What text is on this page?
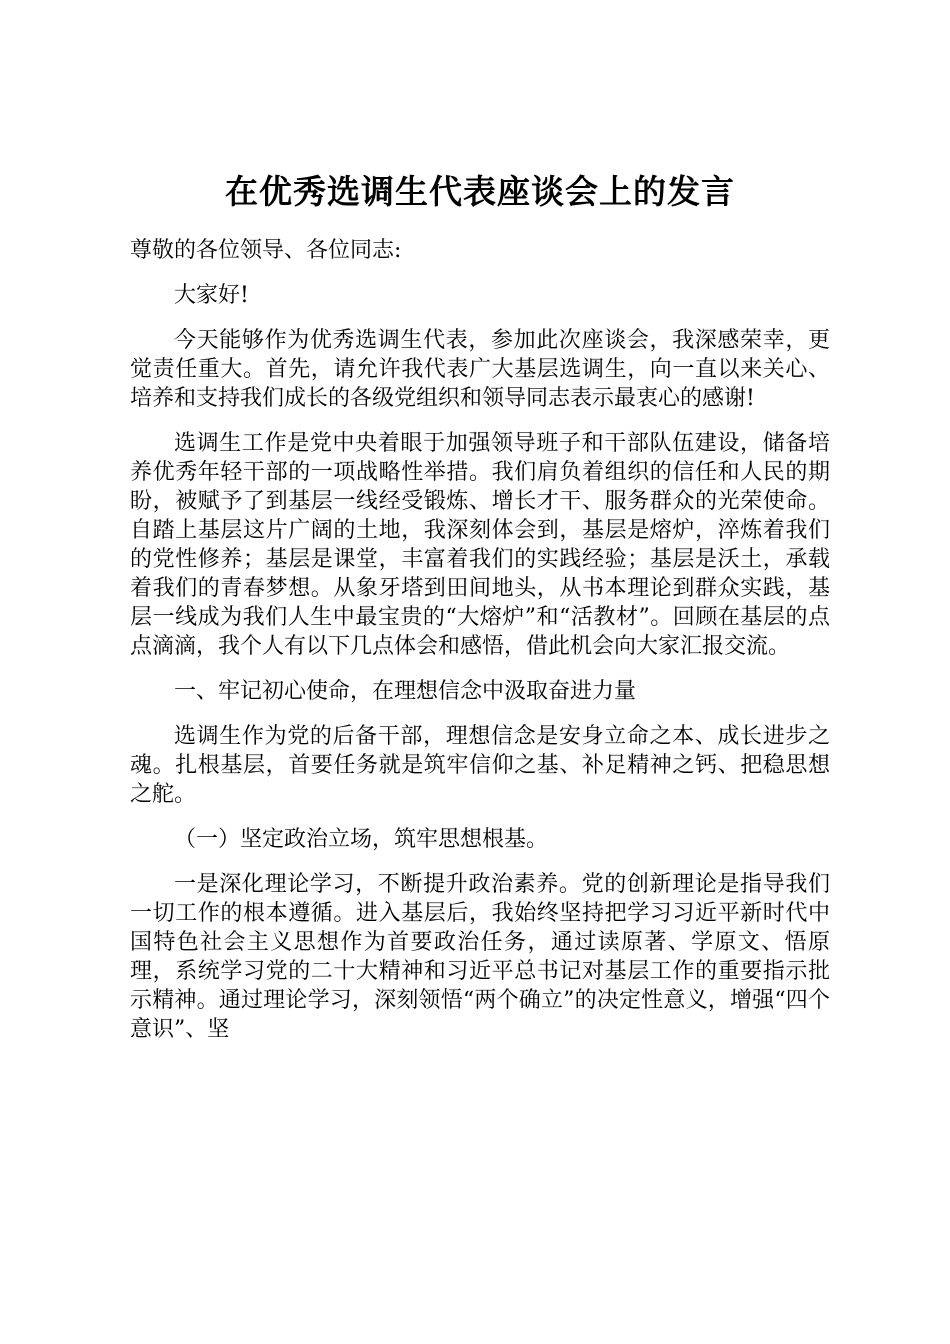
在优秀选调生代表座谈会上的发言

尊敬的各位领导、各位同志:

大家好!

今天能够作为优秀选调生代表，参加此次座谈会，我深感荣幸，更觉责任重大。首先，请允许我代表广大基层选调生，向一直以来关心、培养和支持我们成长的各级党组织和领导同志表示最衷心的感谢!

选调生工作是党中央着眼于加强领导班子和干部队伍建设，储备培养优秀年轻干部的一项战略性举措。我们肩负着组织的信任和人民的期盼，被赋予了到基层一线经受锻炼、增长才干、服务群众的光荣使命。自踏上基层这片广阔的土地，我深刻体会到，基层是熔炉，淬炼着我们的党性修养；基层是课堂，丰富着我们的实践经验；基层是沃土，承载着我们的青春梦想。从象牙塔到田间地头，从书本理论到群众实践，基层一线成为我们人生中最宝贵的“大熔炉”和“活教材”。回顾在基层的点点滴滴，我个人有以下几点体会和感悟，借此机会向大家汇报交流。

一、牢记初心使命，在理想信念中汲取奋进力量

选调生作为党的后备干部，理想信念是安身立命之本、成长进步之魂。扎根基层，首要任务就是筑牢信仰之基、补足精神之钙、把稳思想之舵。

（一）坚定政治立场，筑牢思想根基。

一是深化理论学习，不断提升政治素养。党的创新理论是指导我们一切工作的根本遵循。进入基层后，我始终坚持把学习习近平新时代中国特色社会主义思想作为首要政治任务，通过读原著、学原文、悟原理，系统学习党的二十大精神和习近平总书记对基层工作的重要指示批示精神。通过理论学习，深刻领悟“两个确立”的决定性意义，增强“四个意识”、坚
